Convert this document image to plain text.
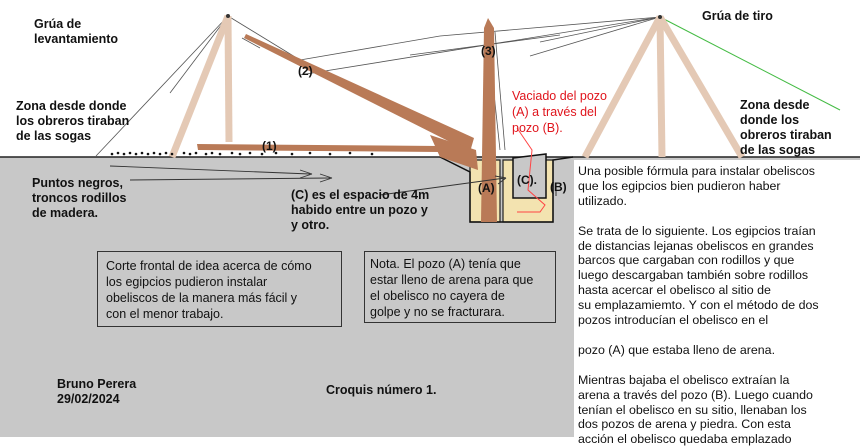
Grúa de
levantamiento
Grúa de tiro
Zona desde donde
los obreros tiraban
de las sogas
Zona desde
donde los
obreros tiraban
de las sogas
Vaciado del pozo
(A) a través del
pozo (B).
Puntos negros,
troncos rodillos
de madera.
(C) es el espacio de 4m
habido entre un pozo y
y otro.
(1)
(2)
(3)
(A)	(B)
(C).
Corte frontal de idea acerca de cómo
los egipcios pudieron instalar
obeliscos de la manera más fácil y
con el menor trabajo.
Nota. El pozo (A) tenía que
estar lleno de arena para que
el obelisco no cayera de
golpe y no se fracturara.
Una posible fórmula para instalar obeliscos
que los egipcios bien pudieron haber
utilizado.

Se trata de lo siguiente. Los egipcios traían
de distancias lejanas obeliscos en grandes
barcos que cargaban con rodillos y que
luego descargaban también sobre rodillos
hasta acercar el obelisco al sitio de
su emplazamiemto. Y con el método de dos
pozos introducían el obelisco en el

pozo (A) que estaba lleno de arena.

Mientras bajaba el obelisco extraían la
arena a través del pozo (B). Luego cuando
tenían el obelisco en su sitio, llenaban los
dos pozos de arena y piedra. Con esta
acción el obelisco quedaba emplazado
Bruno Perera
29/02/2024
Croquis número 1.
